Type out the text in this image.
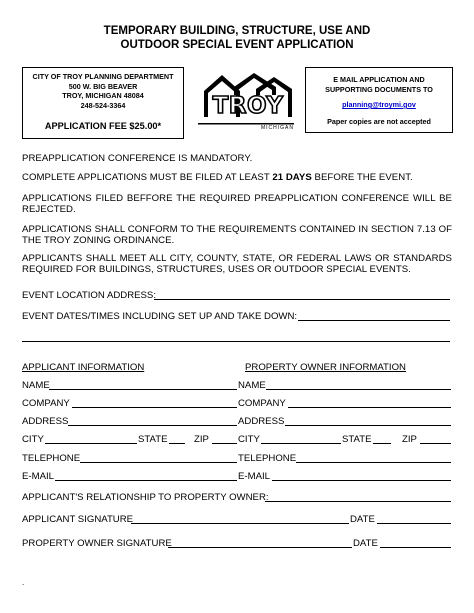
TEMPORARY BUILDING, STRUCTURE, USE AND
OUTDOOR SPECIAL EVENT APPLICATION
CITY OF TROY PLANNING DEPARTMENT
500 W. BIG BEAVER
TROY, MICHIGAN 48084
248-524-3364
APPLICATION FEE $25.00*
TROY
MICHIGAN
E MAIL APPLICATION AND
SUPPORTING DOCUMENTS TO
planning@troymi.gov
Paper copies are not accepted
PREAPPLICATION CONFERENCE IS MANDATORY.
COMPLETE APPLICATIONS MUST BE FILED AT LEAST 21 DAYS BEFORE THE EVENT.
APPLICATIONS FILED BEFFORE THE REQUIRED PREAPPLICATION CONFERENCE WILL BE
REJECTED.
APPLICATIONS SHALL CONFORM TO THE REQUIREMENTS CONTAINED IN SECTION 7.13 OF
THE TROY ZONING ORDINANCE.
APPLICANTS SHALL MEET ALL CITY, COUNTY, STATE, OR FEDERAL LAWS OR STANDARDS
REQUIRED FOR BUILDINGS, STRUCTURES, USES OR OUTDOOR SPECIAL EVENTS.
EVENT LOCATION ADDRESS:
EVENT DATES/TIMES INCLUDING SET UP AND TAKE DOWN:
APPLICANT INFORMATION	PROPERTY OWNER INFORMATION
NAME	NAME
COMPANY	COMPANY
ADDRESS	ADDRESS
CITY	STATE	ZIP	CITY	STATE	ZIP
TELEPHONE	TELEPHONE
E-MAIL	E-MAIL
APPLICANT'S RELATIONSHIP TO PROPERTY OWNER:
APPLICANT SIGNATURE	DATE
PROPERTY OWNER SIGNATURE	DATE
.
